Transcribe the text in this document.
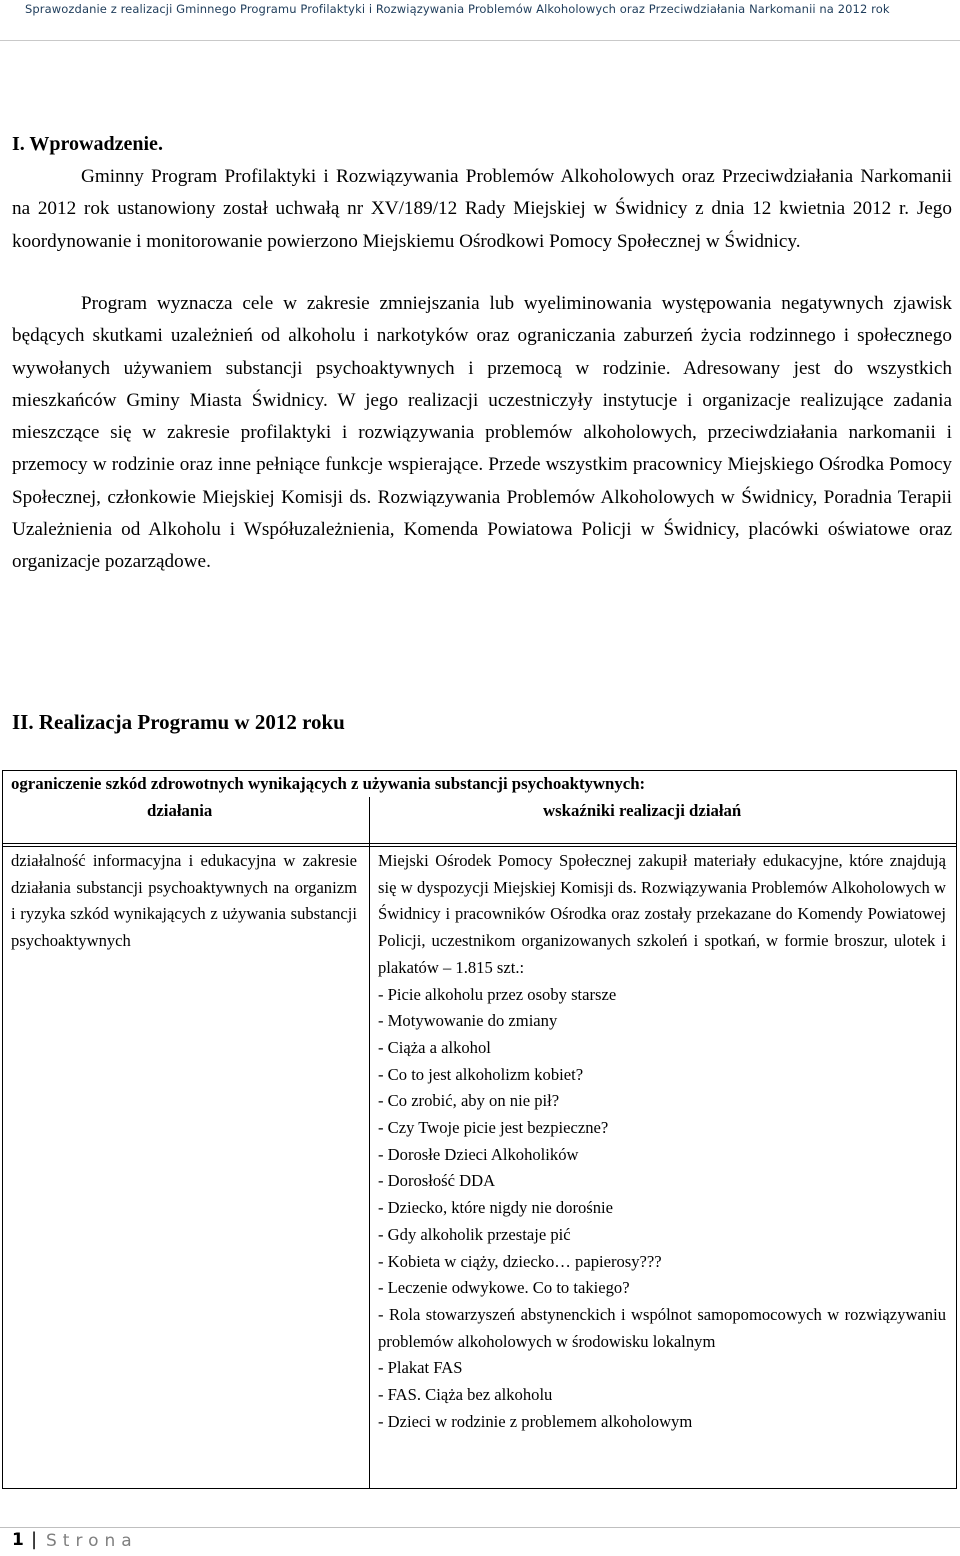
Sprawozdanie z realizacji Gminnego Programu Profilaktyki i Rozwiązywania Problemów Alkoholowych oraz Przeciwdziałania Narkomanii na 2012 rok
I. Wprowadzenie.
Gminny Program Profilaktyki i Rozwiązywania Problemów Alkoholowych oraz Przeciwdziałania Narkomanii na 2012 rok ustanowiony został uchwałą nr XV/189/12 Rady Miejskiej w Świdnicy z dnia 12 kwietnia 2012 r. Jego koordynowanie i monitorowanie powierzono Miejskiemu Ośrodkowi Pomocy Społecznej w Świdnicy.
Program wyznacza cele w zakresie zmniejszania lub wyeliminowania występowania negatywnych zjawisk będących skutkami uzależnień od alkoholu i narkotyków oraz ograniczania zaburzeń życia rodzinnego i społecznego wywołanych używaniem substancji psychoaktywnych i przemocą w rodzinie. Adresowany jest do wszystkich mieszkańców Gminy Miasta Świdnicy. W jego realizacji uczestniczyły instytucje i organizacje realizujące zadania mieszczące się w zakresie profilaktyki i rozwiązywania problemów alkoholowych, przeciwdziałania narkomanii i przemocy w rodzinie oraz inne pełniące funkcje wspierające. Przede wszystkim pracownicy Miejskiego Ośrodka Pomocy Społecznej, członkowie Miejskiej Komisji ds. Rozwiązywania Problemów Alkoholowych w Świdnicy, Poradnia Terapii Uzależnienia od Alkoholu i Współuzależnienia, Komenda Powiatowa Policji w Świdnicy, placówki oświatowe oraz organizacje pozarządowe.
II. Realizacja Programu w 2012 roku
ograniczenie szkód zdrowotnych wynikających z używania substancji psychoaktywnych:
działania	wskaźniki realizacji działań
działalność informacyjna i edukacyjna w zakresie działania substancji psychoaktywnych na organizm i ryzyka szkód wynikających z używania substancji psychoaktywnych
Miejski Ośrodek Pomocy Społecznej zakupił materiały edukacyjne, które znajdują się w dyspozycji Miejskiej Komisji ds. Rozwiązywania Problemów Alkoholowych w Świdnicy i pracowników Ośrodka oraz zostały przekazane do Komendy Powiatowej Policji, uczestnikom organizowanych szkoleń i spotkań, w formie broszur, ulotek i plakatów – 1.815 szt.:
- Picie alkoholu przez osoby starsze
- Motywowanie do zmiany
- Ciąża a alkohol
- Co to jest alkoholizm kobiet?
- Co zrobić, aby on nie pił?
- Czy Twoje picie jest bezpieczne?
- Dorosłe Dzieci Alkoholików
- Dorosłość DDA
- Dziecko, które nigdy nie dorośnie
- Gdy alkoholik przestaje pić
- Kobieta w ciąży, dziecko… papierosy???
- Leczenie odwykowe. Co to takiego?
- Rola stowarzyszeń abstynenckich i wspólnot samopomocowych w rozwiązywaniu problemów alkoholowych w środowisku lokalnym
- Plakat FAS
- FAS. Ciąża bez alkoholu
- Dzieci w rodzinie z problemem alkoholowym
1 | Strona
